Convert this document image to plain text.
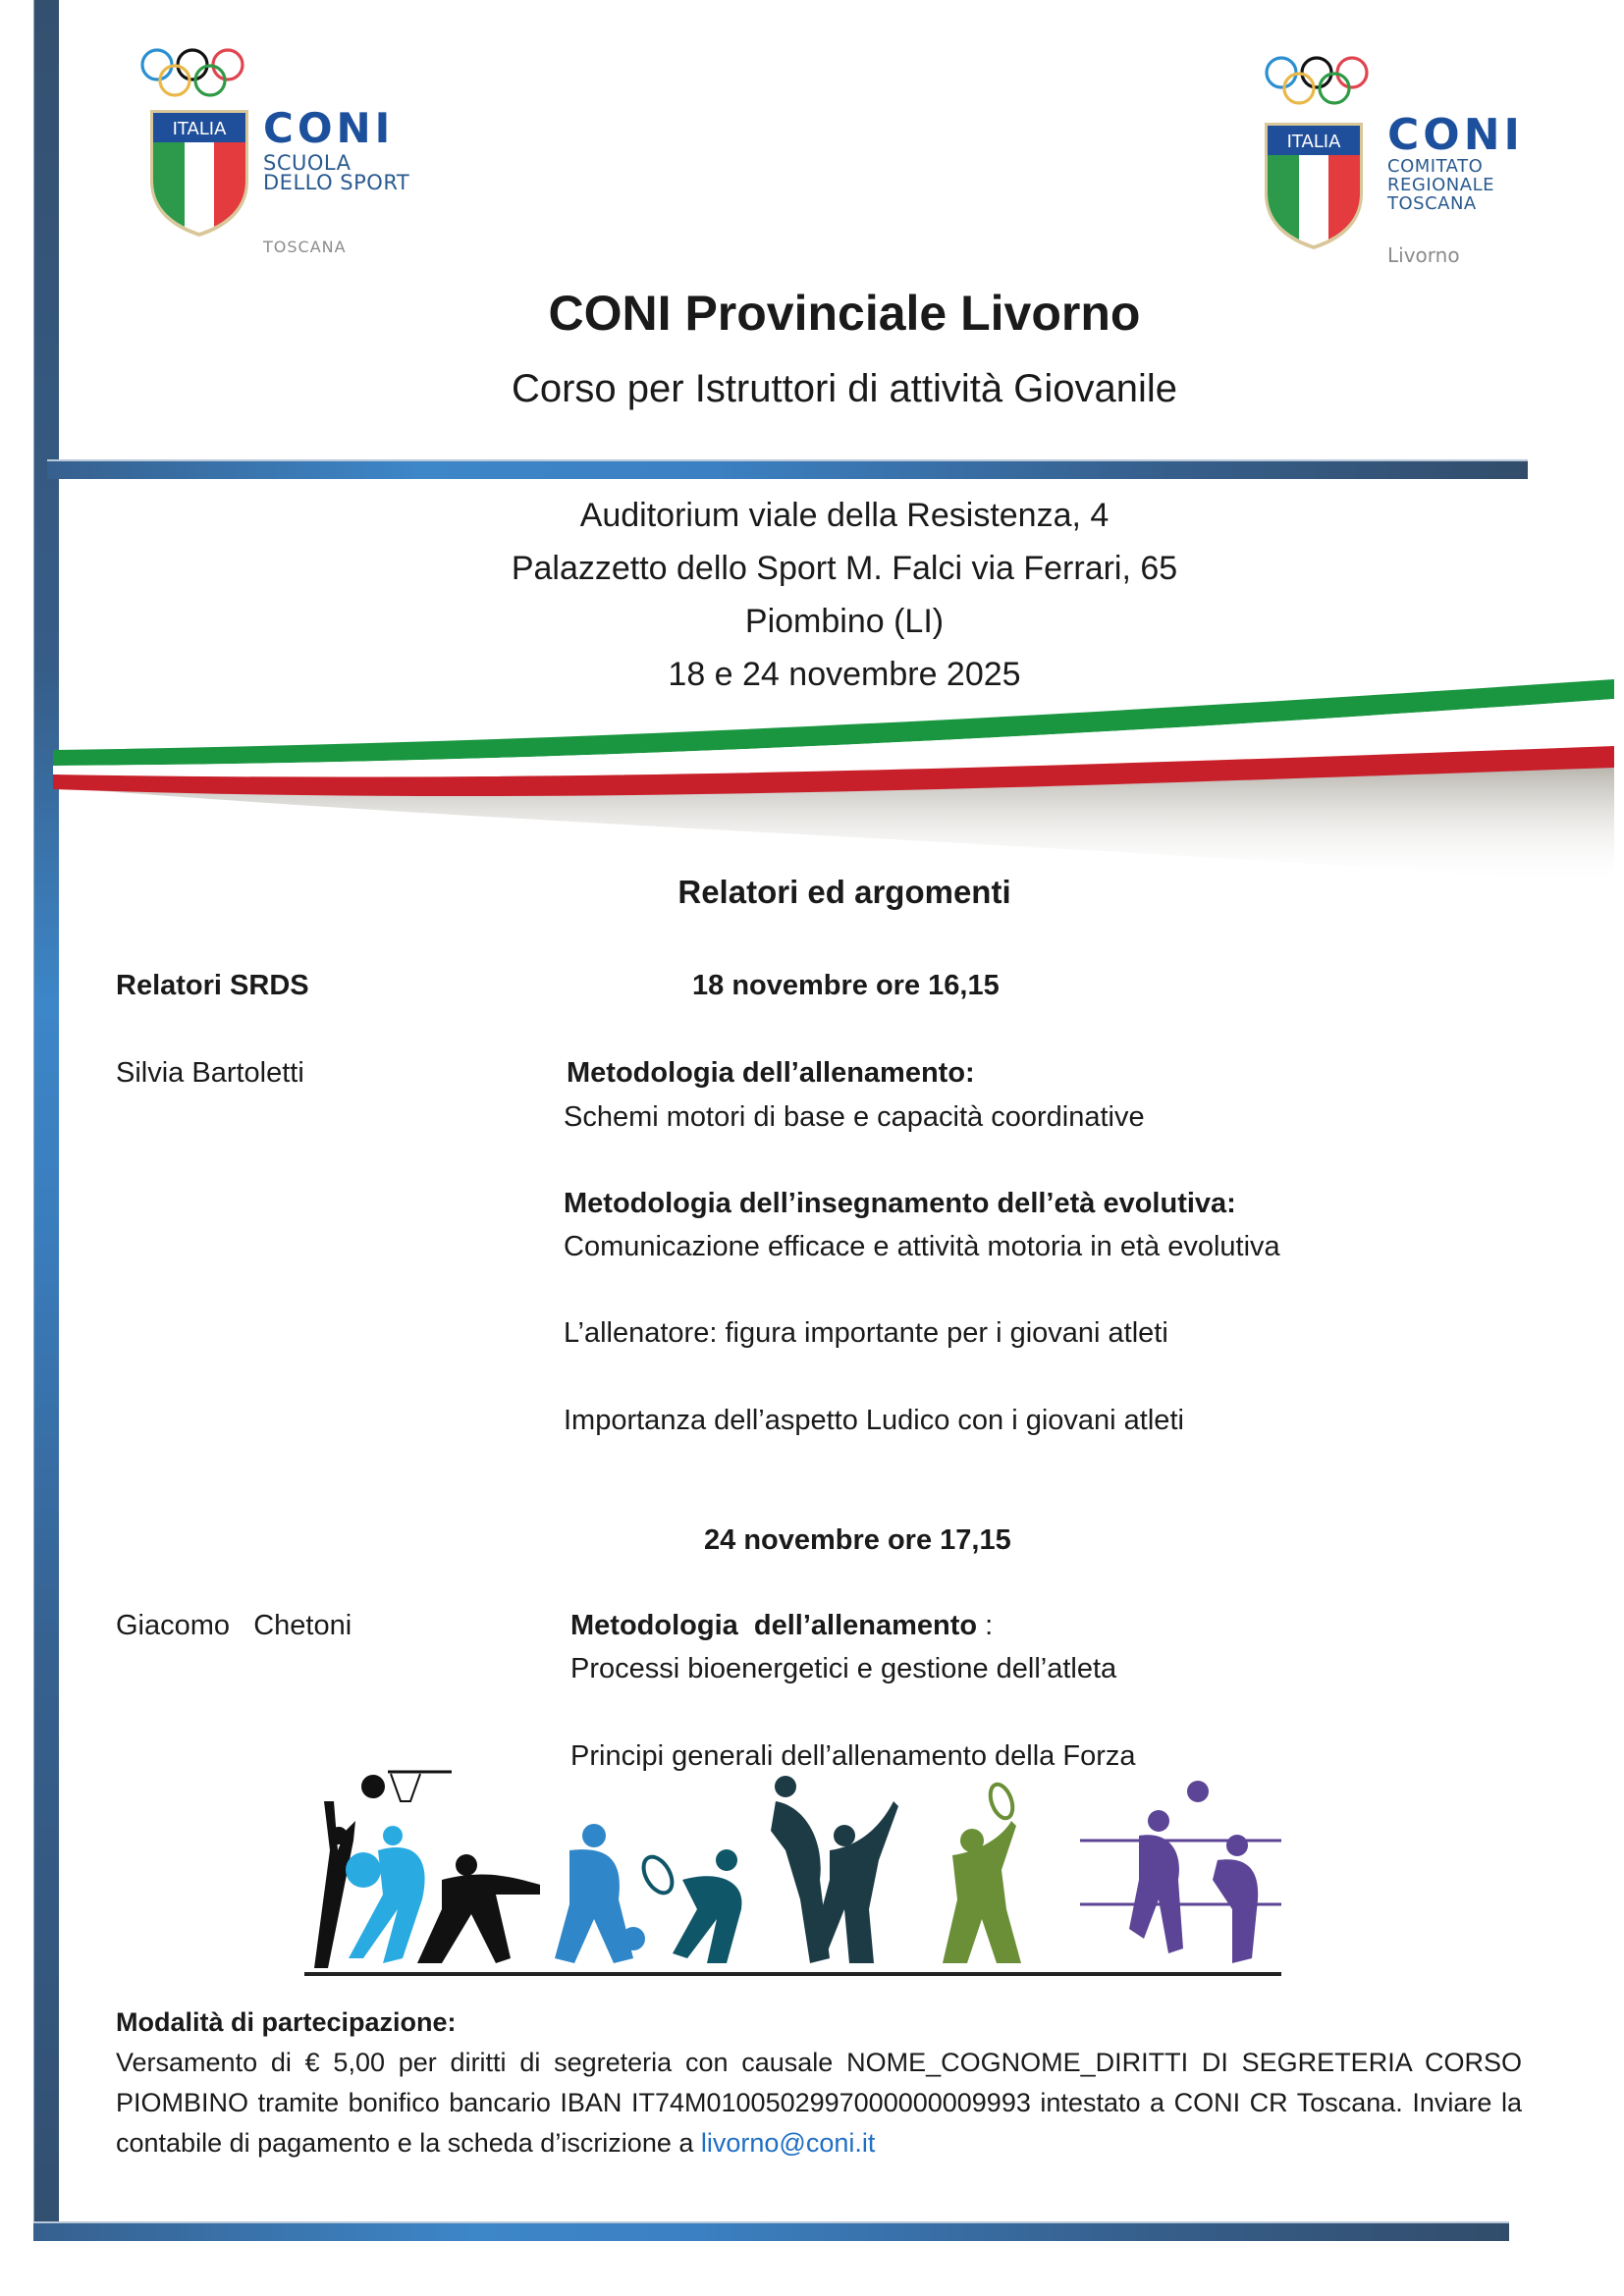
ITALIA CONI
SCUOLA
DELLO SPORT
TOSCANA
ITALIA CONI
COMITATO
REGIONALE
TOSCANA
Livorno
CONI Provinciale Livorno
Corso per Istruttori di attività Giovanile
Auditorium viale della Resistenza, 4
Palazzetto dello Sport M. Falci via Ferrari, 65
Piombino (LI)
18 e 24 novembre 2025
Relatori ed argomenti
Relatori SRDS	18 novembre ore 16,15
Silvia Bartoletti	Metodologia dell’allenamento:
Schemi motori di base e capacità coordinative
Metodologia dell’insegnamento dell’età evolutiva:
Comunicazione efficace e attività motoria in età evolutiva
L’allenatore: figura importante per i giovani atleti
Importanza dell’aspetto Ludico con i giovani atleti
24 novembre ore 17,15
Giacomo   Chetoni	Metodologia  dell’allenamento :
Processi bioenergetici e gestione dell’atleta
Principi generali dell’allenamento della Forza
Modalità di partecipazione:
Versamento di € 5,00 per diritti di segreteria con causale NOME_COGNOME_DIRITTI DI SEGRETERIA CORSO PIOMBINO tramite bonifico bancario IBAN IT74M0100502997000000009993 intestato a CONI CR Toscana. Inviare la contabile di pagamento e la scheda d’iscrizione a livorno@coni.it
